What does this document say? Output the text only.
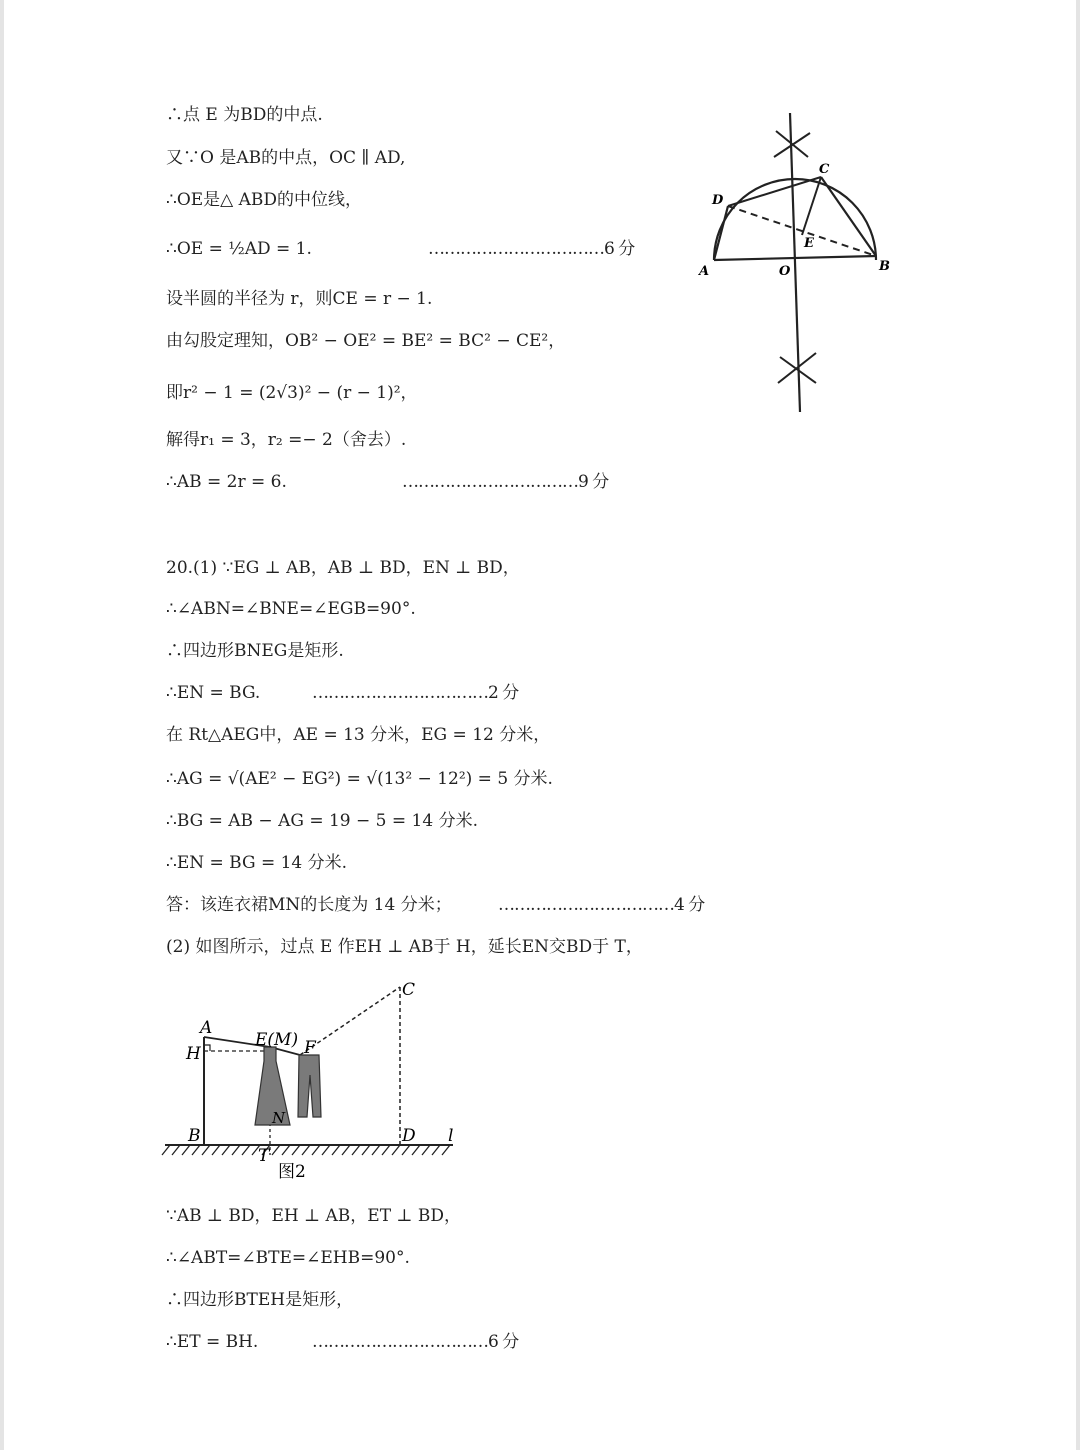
∴点 E 为BD的中点.
又∵O 是AB的中点，OC ∥ AD,
∴OE是△ ABD的中位线，
∴OE = ½AD = 1.	……………………………6 分
设半圆的半径为 r，则CE = r − 1.
由勾股定理知，OB² − OE² = BE² = BC² − CE²，
即r² − 1 = (2√3)² − (r − 1)²，
解得r₁ = 3，r₂ =− 2（舍去）.
∴AB = 2r = 6.	……………………………9 分
D
C
E
A	O	B
20.(1) ∵EG ⊥ AB，AB ⊥ BD，EN ⊥ BD，
∴∠ABN=∠BNE=∠EGB=90°.
∴四边形BNEG是矩形.
∴EN = BG.	……………………………2 分
在 Rt△AEG中，AE = 13 分米，EG = 12 分米，
∴AG = √(AE² − EG²) = √(13² − 12²) = 5 分米.
∴BG = AB − AG = 19 − 5 = 14 分米.
∴EN = BG = 14 分米.
答：该连衣裙MN的长度为 14 分米；	……………………………4 分
(2) 如图所示，过点 E 作EH ⊥ AB于 H，延长EN交BD于 T，
A
H
E(M) F
C
N
B
T
D l
图2
∵AB ⊥ BD，EH ⊥ AB，ET ⊥ BD，
∴∠ABT=∠BTE=∠EHB=90°.
∴四边形BTEH是矩形，
∴ET = BH.	……………………………6 分
